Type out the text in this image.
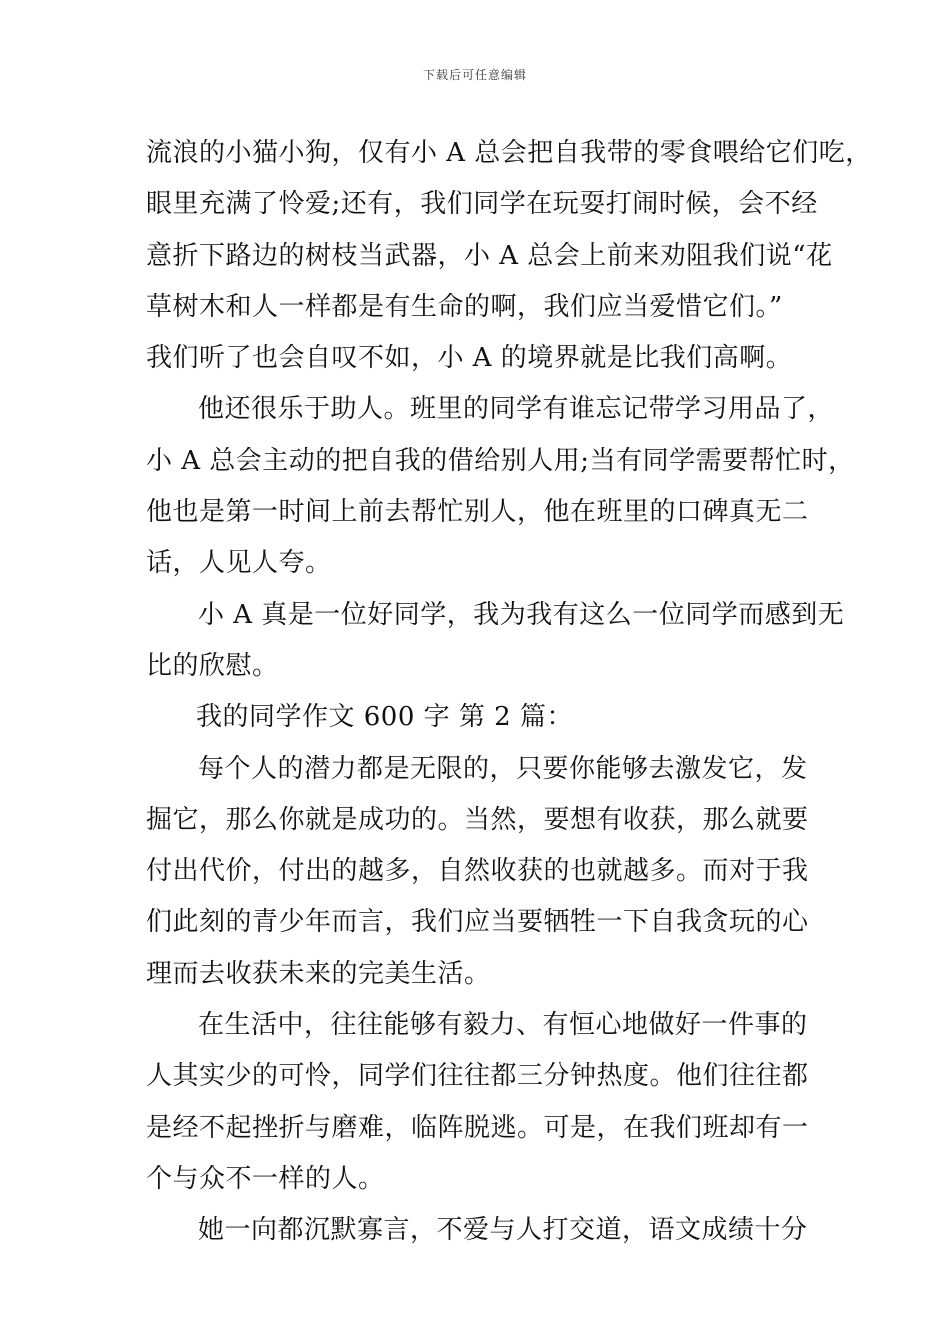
下载后可任意编辑
流浪的小猫小狗，仅有小 A 总会把自我带的零食喂给它们吃，
眼里充满了怜爱;还有，我们同学在玩耍打闹时候，会不经
意折下路边的树枝当武器，小 A 总会上前来劝阻我们说“花
草树木和人一样都是有生命的啊，我们应当爱惜它们。”
我们听了也会自叹不如，小 A 的境界就是比我们高啊。
他还很乐于助人。班里的同学有谁忘记带学习用品了，
小 A 总会主动的把自我的借给别人用;当有同学需要帮忙时，
他也是第一时间上前去帮忙别人，他在班里的口碑真无二
话，人见人夸。
小 A 真是一位好同学，我为我有这么一位同学而感到无
比的欣慰。
我的同学作文 600 字 第 2 篇：
每个人的潜力都是无限的，只要你能够去激发它，发
掘它，那么你就是成功的。当然，要想有收获，那么就要
付出代价，付出的越多，自然收获的也就越多。而对于我
们此刻的青少年而言，我们应当要牺牲一下自我贪玩的心
理而去收获未来的完美生活。
在生活中，往往能够有毅力、有恒心地做好一件事的
人其实少的可怜，同学们往往都三分钟热度。他们往往都
是经不起挫折与磨难，临阵脱逃。可是，在我们班却有一
个与众不一样的人。
她一向都沉默寡言，不爱与人打交道，语文成绩十分
